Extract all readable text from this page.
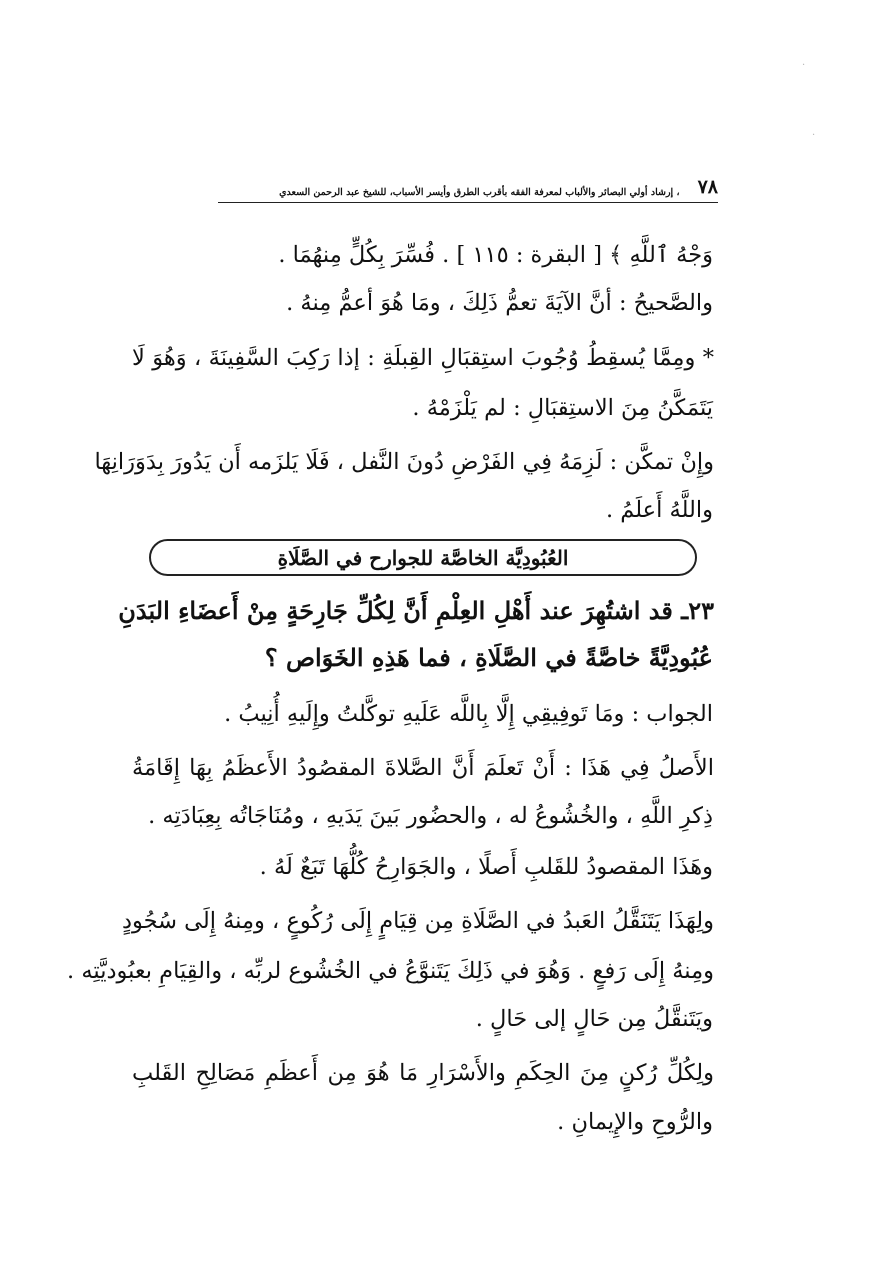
·
·
٧٨
، إرشاد أولي البصائر والألباب لمعرفة الفقه بأقرب الطرق وأيسر الأسباب، للشيخ عبد الرحمن السعدي
وَجْهُ ٱللَّهِ ﴾ [ البقرة : ١١٥ ] . فُسِّرَ بِكُلٍّ مِنهُمَا .
والصَّحيحُ : أنَّ الآيَةَ تعمُّ ذَلِكَ ، ومَا هُوَ أعمُّ مِنهُ .
* ومِمَّا يُسقِطُ وُجُوبَ استِقبَالِ القِبلَةِ : إذا رَكِبَ السَّفِينَةَ ، وَهُوَ لَا
يَتَمَكَّنُ مِنَ الاستِقبَالِ : لم يَلْزَمْهُ .
وإِنْ تمكَّن : لَزِمَهُ فِي الفَرْضِ دُونَ النَّفل ، فَلَا يَلزَمه أَن يَدُورَ بِدَوَرَانِهَا
واللَّهُ أَعلَمُ .
العُبُودِيَّة الخاصَّة للجوارح في الصَّلَاةِ
٢٣ـ قد اشتُهِرَ عند أَهْلِ العِلْمِ أَنَّ لِكُلِّ جَارِحَةٍ مِنْ أَعضَاءِ البَدَنِ
عُبُودِيَّةً خاصَّةً في الصَّلَاةِ ، فما هَذِهِ الخَوَاص ؟
الجواب : ومَا تَوفِيقِي إِلَّا بِاللَّه عَلَيهِ توكَّلتُ وإِلَيهِ أُنِيبُ .
الأَصلُ فِي هَذَا : أَنْ تَعلَمَ أَنَّ الصَّلاةَ المقصُودُ الأَعظَمُ بِهَا إِقَامَةُ
ذِكرِ اللَّهِ ، والخُشُوعُ له ، والحضُور بَينَ يَدَيهِ ، ومُنَاجَاتُه بِعِبَادَتِه .
وهَذَا المقصودُ للقَلبِ أَصلًا ، والجَوَارِحُ كُلُّهَا تَبَعٌ لَهُ .
ولِهَذَا يَتَنَقَّلُ العَبدُ في الصَّلَاةِ مِن قِيَامٍ إِلَى رُكُوعٍ ، ومِنهُ إِلَى سُجُودٍ
ومِنهُ إِلَى رَفعٍ . وَهُوَ في ذَلِكَ يَتَنوَّعُ في الخُشُوع لربِّه ، والقِيَامِ بعبُوديَّتِه .
ويَتَنقَّلُ مِن حَالٍ إلى حَالٍ .
ولِكُلِّ رُكنٍ مِنَ الحِكَمِ والأَسْرَارِ مَا هُوَ مِن أَعظَمِ مَصَالِحِ القَلبِ
والرُّوحِ والإِيمانِ .
